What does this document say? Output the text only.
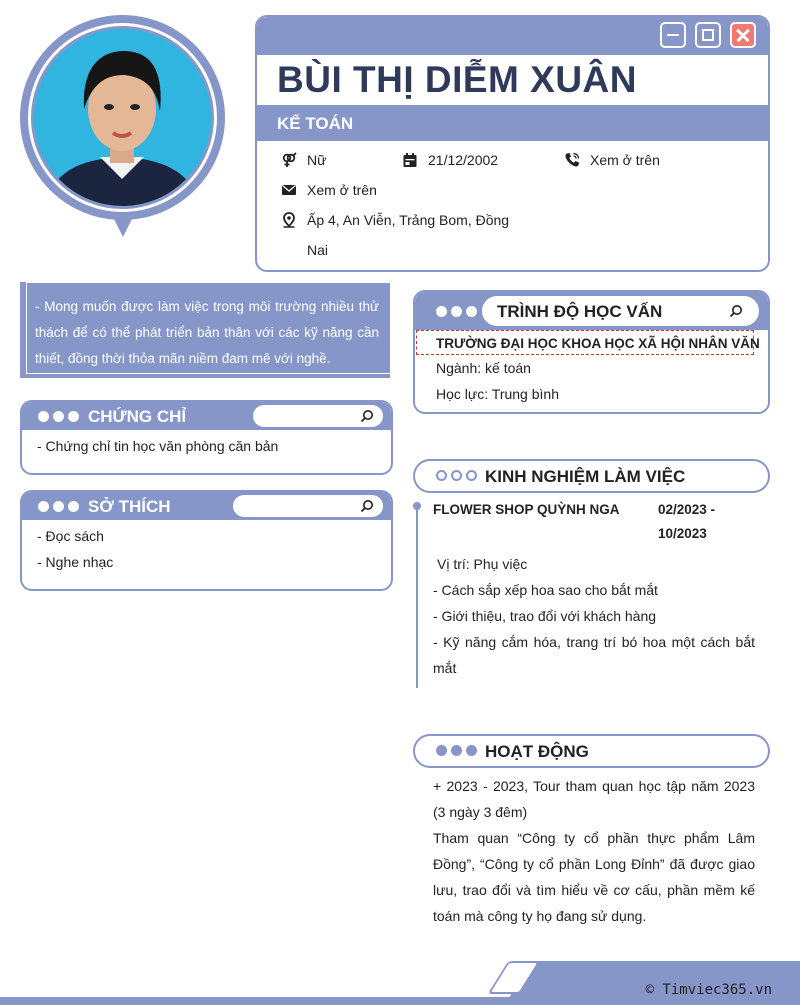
BÙI THỊ DIỄM XUÂN
KẾ TOÁN
Nữ	21/12/2002	Xem ở trên
Xem ở trên
Ấp 4, An Viễn, Trảng Bom, Đồng
Nai
- Mong muốn được làm việc trong môi trường nhiều thử thách để có thể phát triển bản thân với các kỹ năng cần thiết, đồng thời thỏa mãn niềm đam mê với nghề.
CHỨNG CHỈ
- Chứng chỉ tin học văn phòng căn bản
SỞ THÍCH
- Đọc sách
- Nghe nhạc
TRÌNH ĐỘ HỌC VẤN
TRƯỜNG ĐẠI HỌC KHOA HỌC XÃ HỘI NHÂN VĂN
Ngành: kế toán
Học lực: Trung bình
KINH NGHIỆM LÀM VIỆC
FLOWER SHOP QUỲNH NGA	02/2023 -
10/2023
Vị trí: Phụ việc
- Cách sắp xếp hoa sao cho bắt mắt
- Giới thiệu, trao đổi với khách hàng
- Kỹ năng cắm hóa, trang trí bó hoa một cách bắt mắt
HOẠT ĐỘNG
+ 2023 - 2023, Tour tham quan học tập năm 2023 (3 ngày 3 đêm)
Tham quan “Công ty cổ phần thực phẩm Lâm Đồng”, “Công ty cổ phần Long Đỉnh” đã được giao lưu, trao đổi và tìm hiểu về cơ cấu, phần mềm kế toán mà công ty họ đang sử dụng.
© Timviec365.vn
